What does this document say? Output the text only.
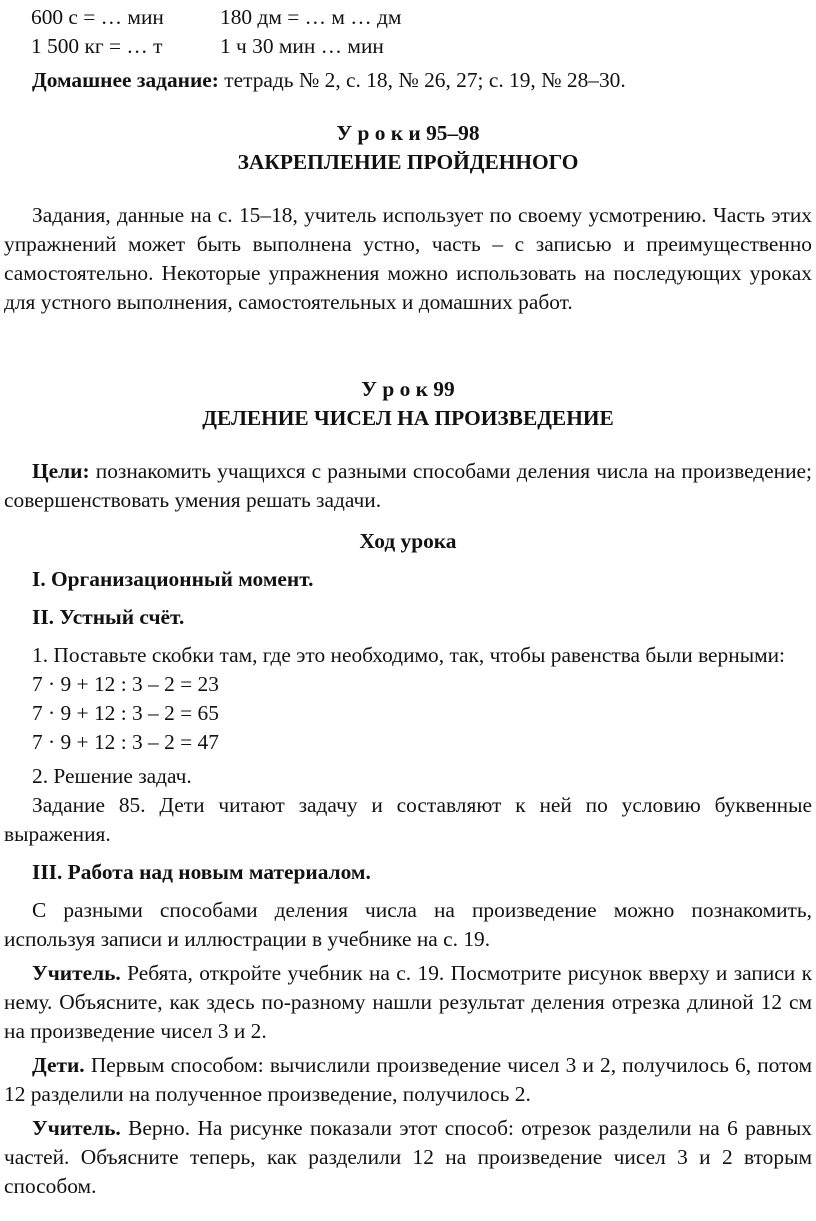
600 с = … мин	180 дм = … м … дм
1 500 кг = … т	1 ч 30 мин … мин

Домашнее задание: тетрадь № 2, с. 18, № 26, 27; с. 19, № 28–30.

У р о к и 95–98

ЗАКРЕПЛЕНИЕ ПРОЙДЕННОГО

Задания, данные на с. 15–18, учитель использует по своему усмотрению. Часть этих упражнений может быть выполнена устно, часть – с записью и преимущественно самостоятельно. Некоторые упражнения можно использовать на последующих уроках для устного выполнения, самостоятельных и домашних работ.

У р о к 99

ДЕЛЕНИЕ ЧИСЕЛ НА ПРОИЗВЕДЕНИЕ

Цели: познакомить учащихся с разными способами деления числа на произведение; совершенствовать умения решать задачи.

Ход урока

I. Организационный момент.

II. Устный счёт.

1. Поставьте скобки там, где это необходимо, так, чтобы равенства были верными:

7 · 9 + 12 : 3 – 2 = 23

7 · 9 + 12 : 3 – 2 = 65

7 · 9 + 12 : 3 – 2 = 47

2. Решение задач.

Задание 85. Дети читают задачу и составляют к ней по условию буквенные выражения.

III. Работа над новым материалом.

С разными способами деления числа на произведение можно познакомить, используя записи и иллюстрации в учебнике на с. 19.

Учитель. Ребята, откройте учебник на с. 19. Посмотрите рисунок вверху и записи к нему. Объясните, как здесь по-разному нашли результат деления отрезка длиной 12 см на произведение чисел 3 и 2.

Дети. Первым способом: вычислили произведение чисел 3 и 2, получилось 6, потом 12 разделили на полученное произведение, получилось 2.

Учитель. Верно. На рисунке показали этот способ: отрезок разделили на 6 равных частей. Объясните теперь, как разделили 12 на произведение чисел 3 и 2 вторым способом.
